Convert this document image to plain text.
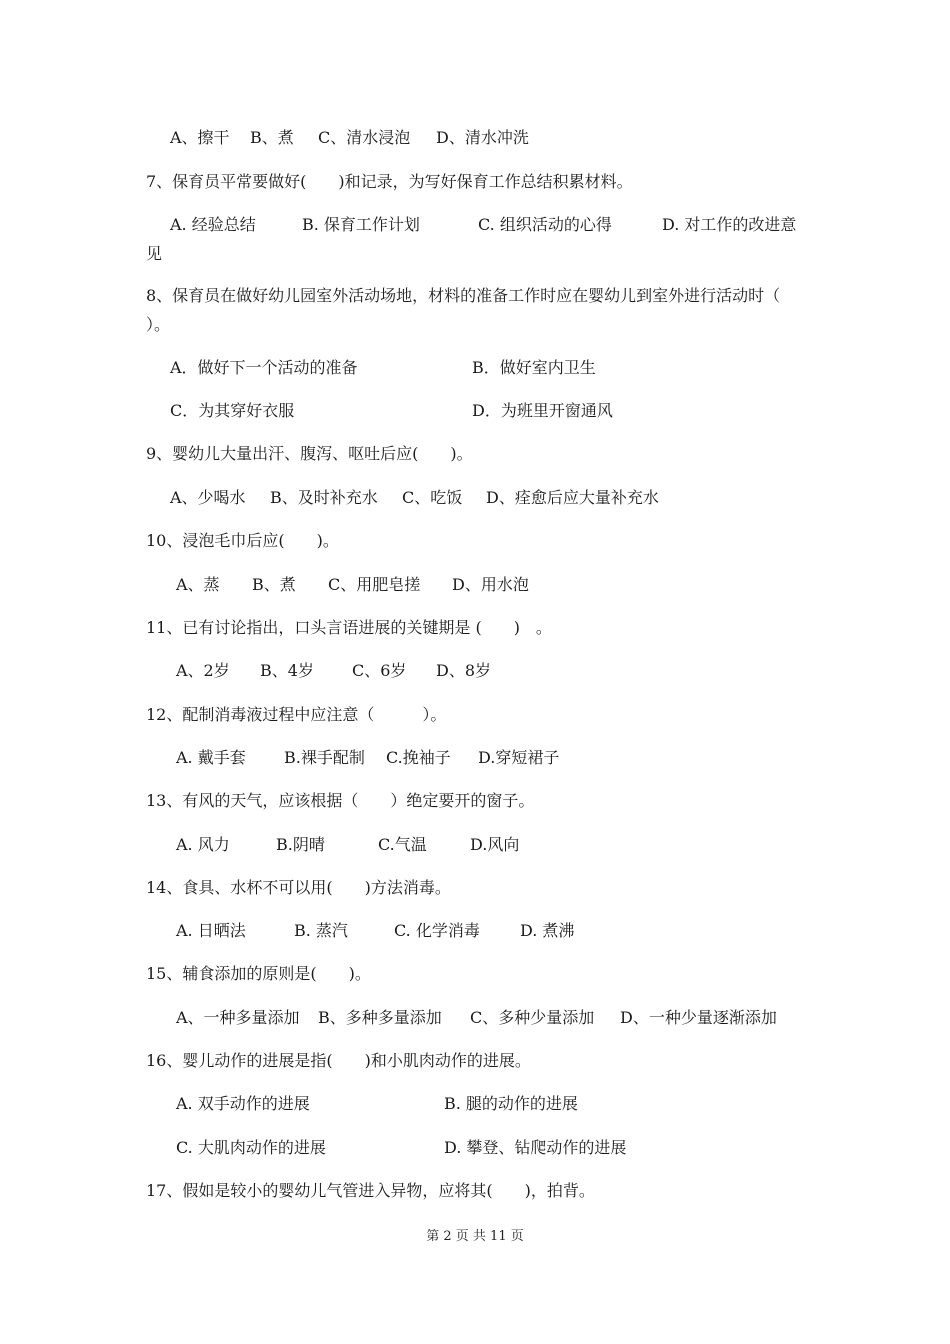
A、擦干 B、煮 C、清水浸泡 D、清水冲洗
7、保育员平常要做好(　　)和记录，为写好保育工作总结积累材料。
A. 经验总结	B. 保育工作计划	C. 组织活动的心得	D. 对工作的改进意
见
8、保育员在做好幼儿园室外活动场地，材料的准备工作时应在婴幼儿到室外进行活动时（
）。
A．做好下一个活动的准备	B．做好室内卫生
C．为其穿好衣服	D．为班里开窗通风
9、婴幼儿大量出汗、腹泻、呕吐后应(　　)。
A、少喝水 B、及时补充水 C、吃饭 D、痊愈后应大量补充水
10、浸泡毛巾后应(　　)。
A、蒸 B、煮 C、用肥皂搓 D、用水泡
11、已有讨论指出，口头言语进展的关键期是 (　　)　。
A、2岁 B、4岁 C、6岁 D、8岁
12、配制消毒液过程中应注意（　　　）。
A. 戴手套 B.裸手配制 C.挽袖子 D.穿短裙子
13、有风的天气，应该根据（　　）绝定要开的窗子。
A. 风力	B.阴晴	C.气温	D.风向
14、食具、水杯不可以用(　　)方法消毒。
A. 日晒法	B. 蒸汽	C. 化学消毒	D. 煮沸
15、辅食添加的原则是(　　)。
A、一种多量添加 B、多种多量添加 C、多种少量添加 D、一种少量逐渐添加
16、婴儿动作的进展是指(　　)和小肌肉动作的进展。
A. 双手动作的进展	B. 腿的动作的进展
C. 大肌肉动作的进展	D. 攀登、钻爬动作的进展
17、假如是较小的婴幼儿气管进入异物，应将其(　　)，拍背。
第 2 页 共 11 页
